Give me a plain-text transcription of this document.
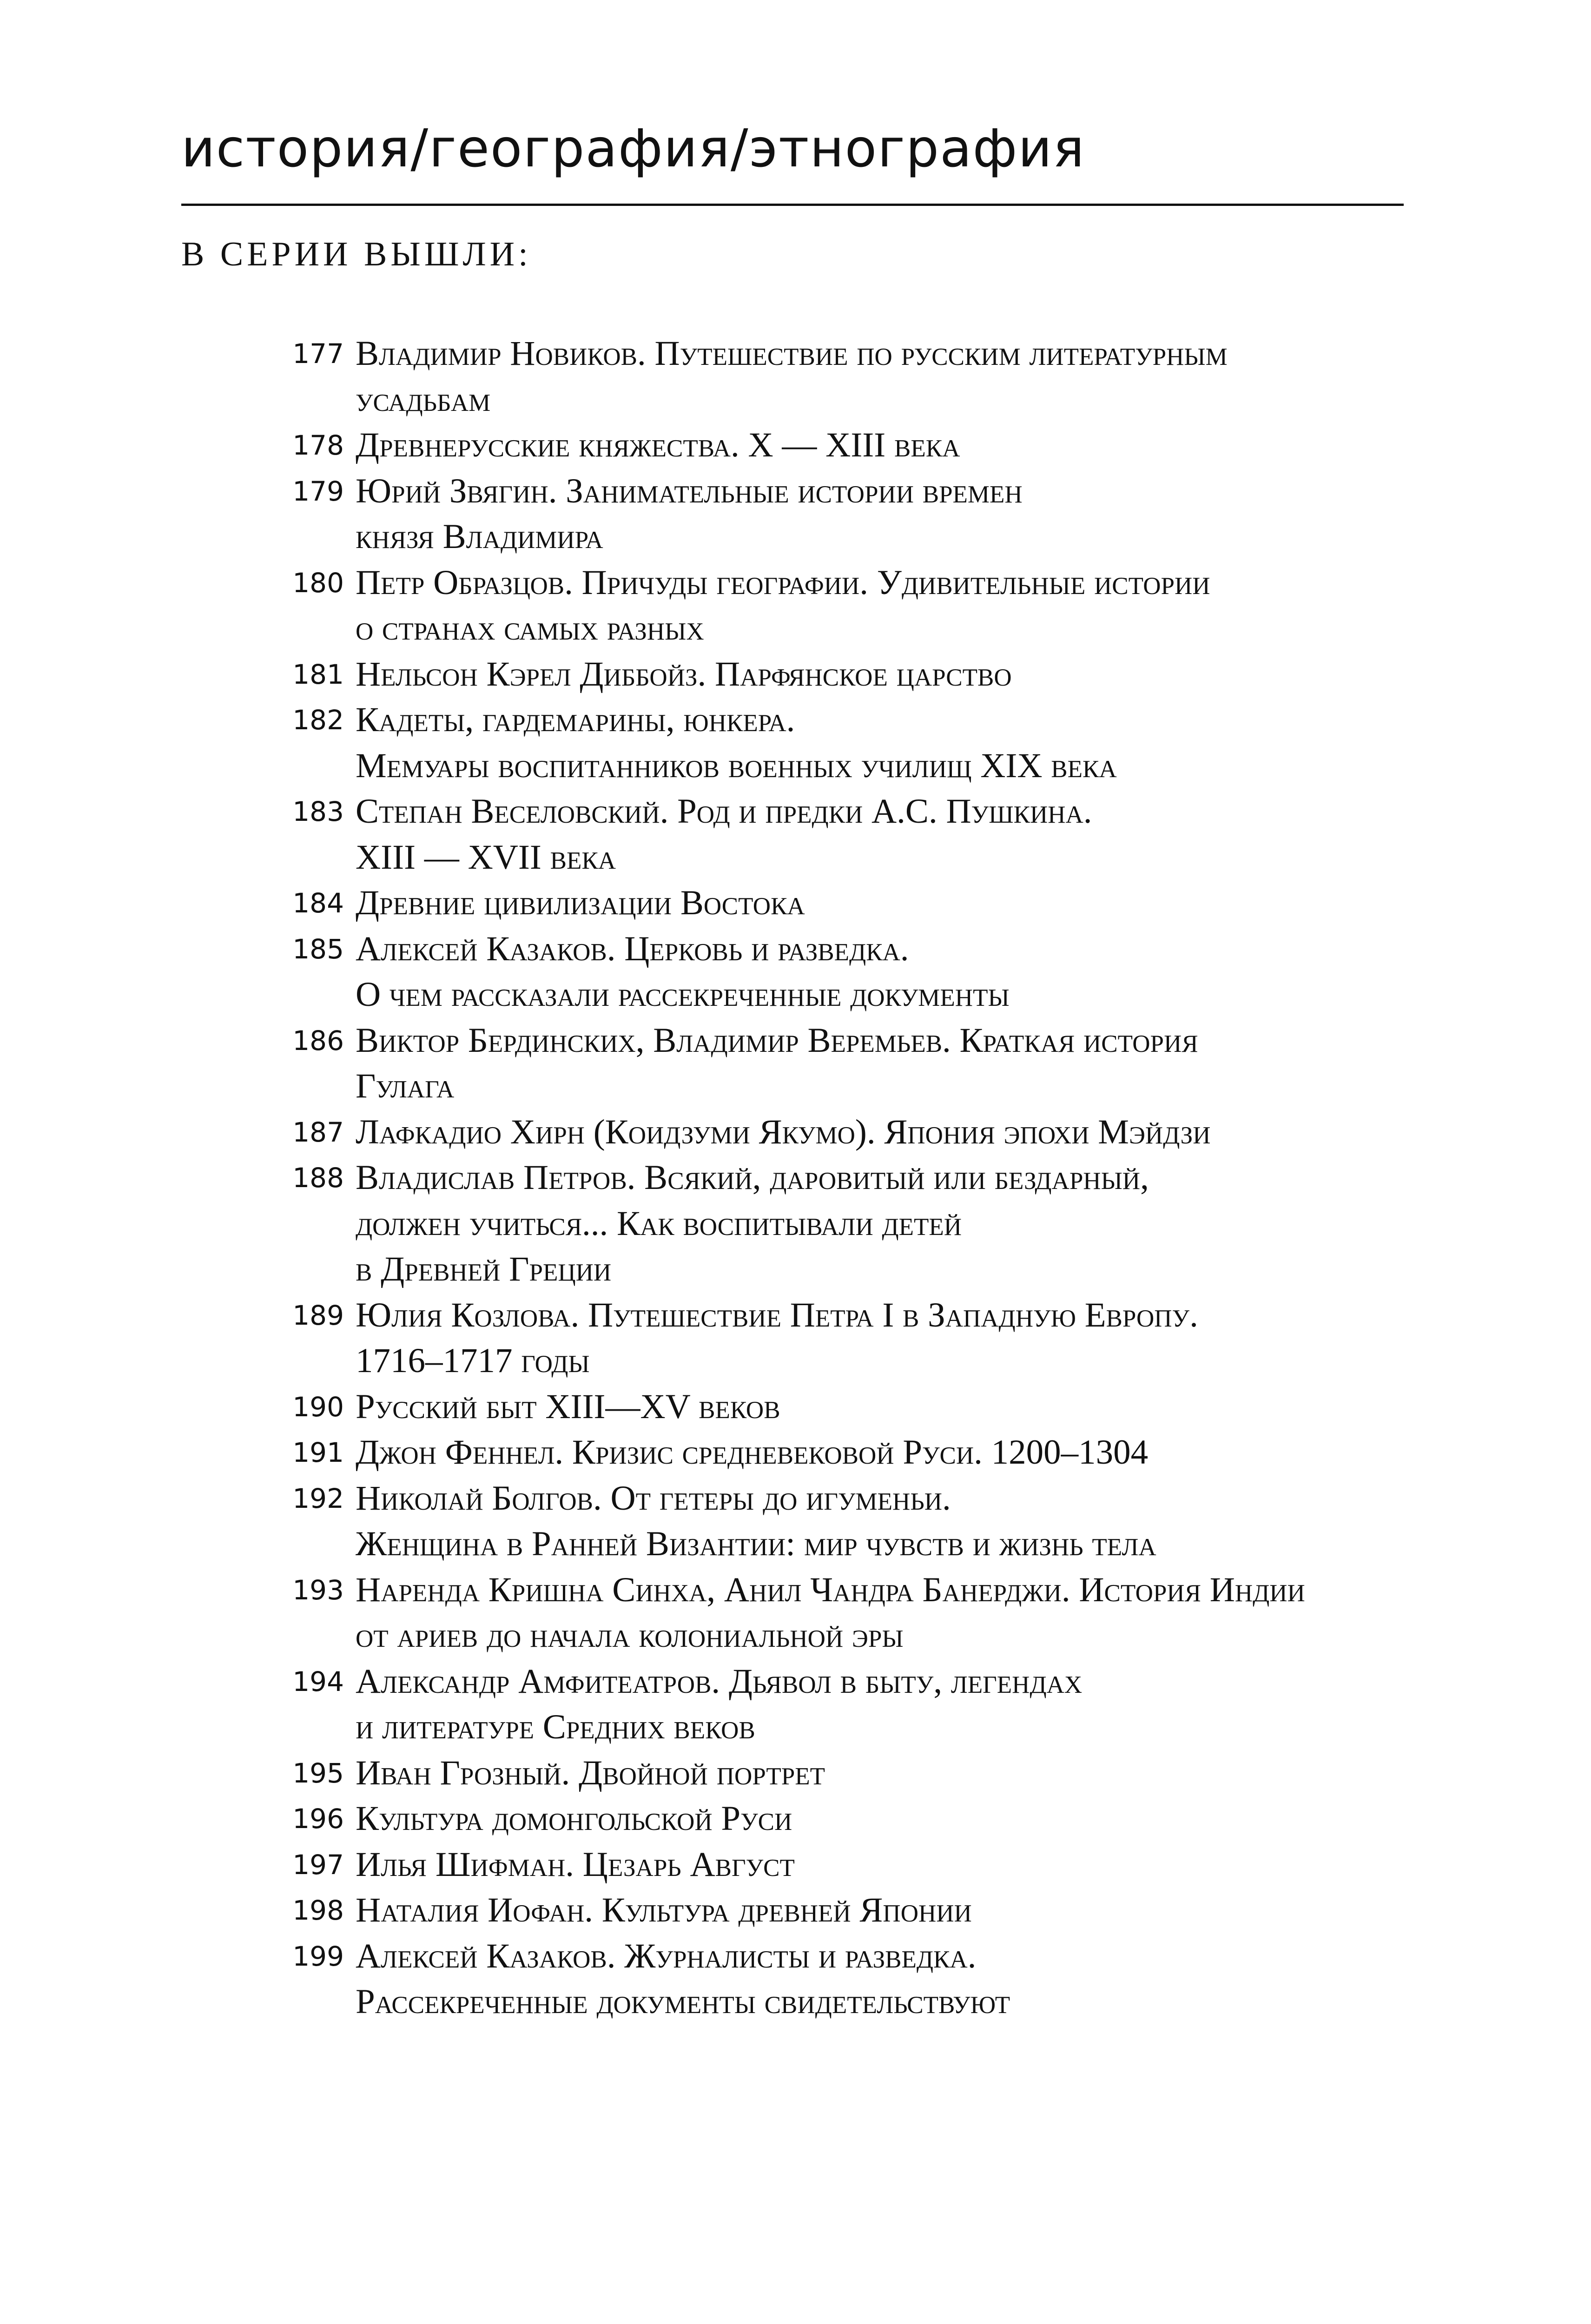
история/география/этнография
В СЕРИИ ВЫШЛИ:
177 Владимир Новиков. Путешествие по русским литературным
усадьбам
178 Древнерусские княжества. X — XIII века
179 Юрий Звягин. Занимательные истории времен
князя Владимира
180 Петр Образцов. Причуды географии. Удивительные истории
о странах самых разных
181 Нельсон Кэрел Диббойз. Парфянское царство
182 Кадеты, гардемарины, юнкера.
Мемуары воспитанников военных училищ XIX века
183 Степан Веселовский. Род и предки А.С. Пушкина.
XIII — XVII века
184 Древние цивилизации Востока
185 Алексей Казаков. Церковь и разведка.
О чем рассказали рассекреченные документы
186 Виктор Бердинских, Владимир Веремьев. Краткая история
Гулага
187 Лафкадио Хирн (Коидзуми Якумо). Япония эпохи Мэйдзи
188 Владислав Петров. Всякий, даровитый или бездарный,
должен учиться... Как воспитывали детей
в Древней Греции
189 Юлия Козлова. Путешествие Петра I в Западную Европу.
1716–1717 годы
190 Русский быт XIII—XV веков
191 Джон Феннел. Кризис средневековой Руси. 1200–1304
192 Николай Болгов. От гетеры до игуменьи.
Женщина в Ранней Византии: мир чувств и жизнь тела
193 Наренда Кришна Синха, Анил Чандра Банерджи. История Индии
от ариев до начала колониальной эры
194 Александр Амфитеатров. Дьявол в быту, легендах
и литературе Средних веков
195 Иван Грозный. Двойной портрет
196 Культура домонгольской Руси
197 Илья Шифман. Цезарь Август
198 Наталия Иофан. Культура древней Японии
199 Алексей Казаков. Журналисты и разведка.
Рассекреченные документы свидетельствуют
